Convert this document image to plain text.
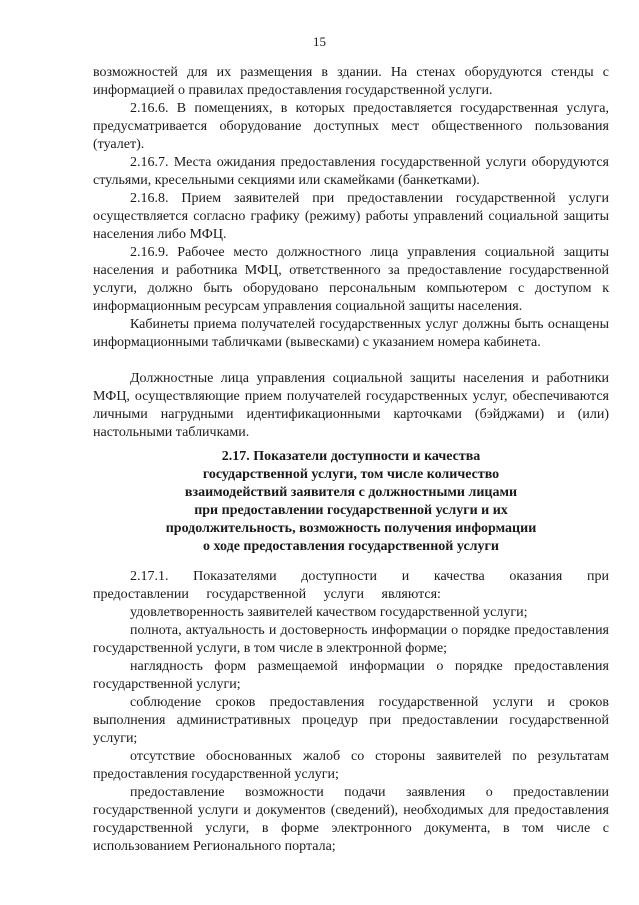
15

возможностей для их размещения в здании. На стенах оборудуются стенды с информацией о правилах предоставления государственной услуги.

2.16.6. В помещениях, в которых предоставляется государственная услуга, предусматривается оборудование доступных мест общественного пользования (туалет).

2.16.7. Места ожидания предоставления государственной услуги оборудуются стульями, кресельными секциями или скамейками (банкетками).

2.16.8. Прием заявителей при предоставлении государственной услуги осуществляется согласно графику (режиму) работы управлений социальной защиты населения либо МФЦ.

2.16.9. Рабочее место должностного лица управления социальной защиты населения и работника МФЦ, ответственного за предоставление государственной услуги, должно быть оборудовано персональным компьютером с доступом к информационным ресурсам управления социальной защиты населения.

Кабинеты приема получателей государственных услуг должны быть оснащены информационными табличками (вывесками) с указанием номера кабинета.

Должностные лица управления социальной защиты населения и работники МФЦ, осуществляющие прием получателей государственных услуг, обеспечиваются личными нагрудными идентификационными карточками (бэйджами) и (или) настольными табличками.

2.17. Показатели доступности и качества
государственной услуги, том числе количество
взаимодействий заявителя с должностными лицами
при предоставлении государственной услуги и их
продолжительность, возможность получения информации
о ходе предоставления государственной услуги

2.17.1. Показателями доступности и качества оказания при предоставлении государственной услуги являются:

удовлетворенность заявителей качеством государственной услуги;

полнота, актуальность и достоверность информации о порядке предоставления государственной услуги, в том числе в электронной форме;

наглядность форм размещаемой информации о порядке предоставления государственной услуги;

соблюдение сроков предоставления государственной услуги и сроков выполнения административных процедур при предоставлении государственной услуги;

отсутствие обоснованных жалоб со стороны заявителей по результатам предоставления государственной услуги;

предоставление возможности подачи заявления о предоставлении государственной услуги и документов (сведений), необходимых для предоставления государственной услуги, в форме электронного документа, в том числе с использованием Регионального портала;
